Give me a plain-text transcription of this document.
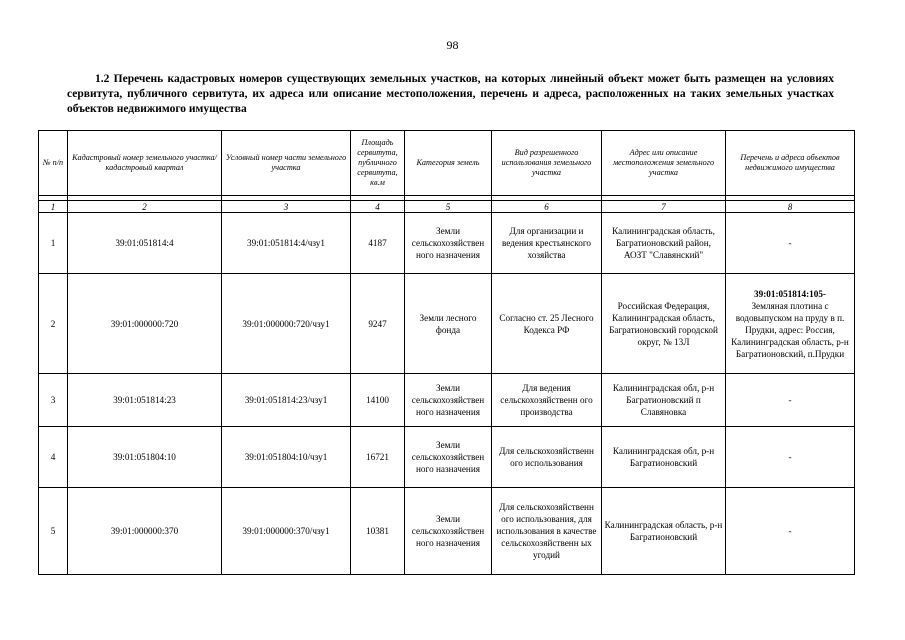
98
1.2 Перечень кадастровых номеров существующих земельных участков, на которых линейный объект может быть размещен на условиях сервитута, публичного сервитута, их адреса или описание местоположения, перечень и адреса, расположенных на таких земельных участках объектов недвижимого имущества
№ п/п	Кадастровый номер земельного участка/ кадастровый квартал	Условный номер части земельного участка	Площадь сервитута, публичного сервитута, кв.м	Категория земель	Вид разрешенного использования земельного участка	Адрес или описание местоположения земельного участка	Перечень и адреса объектов недвижимого имущества

1	2	3	4	5	6	7	8
1	39:01:051814:4	39:01:051814:4/чзу1	4187	Земли сельскохозяйствен ного назначения	Для организации и ведения крестьянского хозяйства	Калининградская область, Багратионовский район, АОЗТ "Славянский"	-
2	39:01:000000:720	39:01:000000:720/чзу1	9247	Земли лесного фонда	Согласно ст. 25 Лесного Кодекса РФ	Российская Федерация, Калининградская область, Багратионовский городской округ, № 13Л	39:01:051814:105-
Земляная плотина с водовыпуском на пруду в п. Прудки, адрес: Россия, Калининградская область, р-н Багратионовский, п.Прудки

3	39:01:051814:23	39:01:051814:23/чзу1	14100	Земли сельскохозяйствен ного назначения	Для ведения сельскохозяйственн ого производства	Калининградская обл, р-н Багратионовский п Славяновка	-
4	39:01:051804:10	39:01:051804:10/чзу1	16721	Земли сельскохозяйствен ного назначения	Для сельскохозяйственн ого использования	Калининградская обл, р-н Багратионовский	-
5	39:01:000000:370	39:01:000000:370/чзу1	10381	Земли сельскохозяйствен ного назначения	Для сельскохозяйственн ого использования, для использования в качестве сельскохозяйственн ых угодий	Калининградская область, р-н Багратионовский	-
